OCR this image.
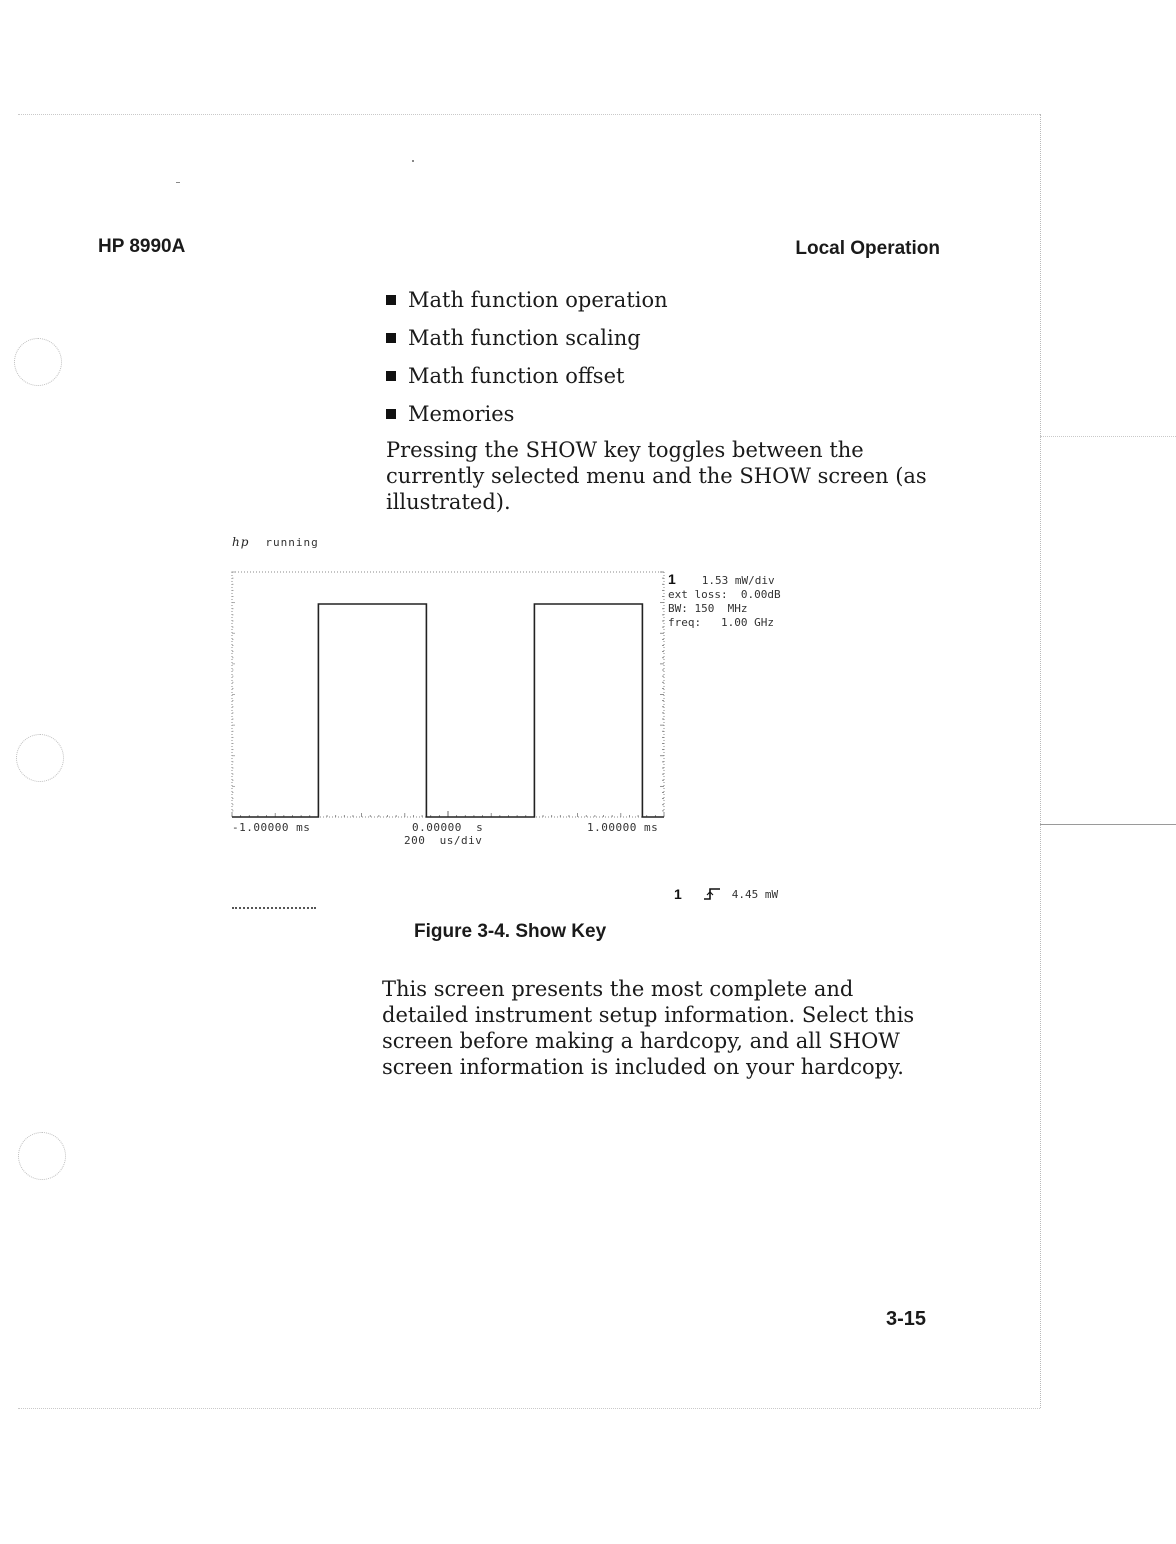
HP 8990A	Local Operation
Math function operation
Math function scaling
Math function offset
Memories

Pressing the SHOW key toggles between the currently selected menu and the SHOW screen (as illustrated).

hp running
1 1.53 mW/div
ext loss:  0.00dB
BW: 150  MHz
freq:   1.00 GHz
-1.00000 ms	0.00000  s	1.00000 ms
200  us/div
1	4.45 mW
Figure 3-4. Show Key

This screen presents the most complete and detailed instrument setup information. Select this screen before making a hardcopy, and all SHOW screen information is included on your hardcopy.

3-15
